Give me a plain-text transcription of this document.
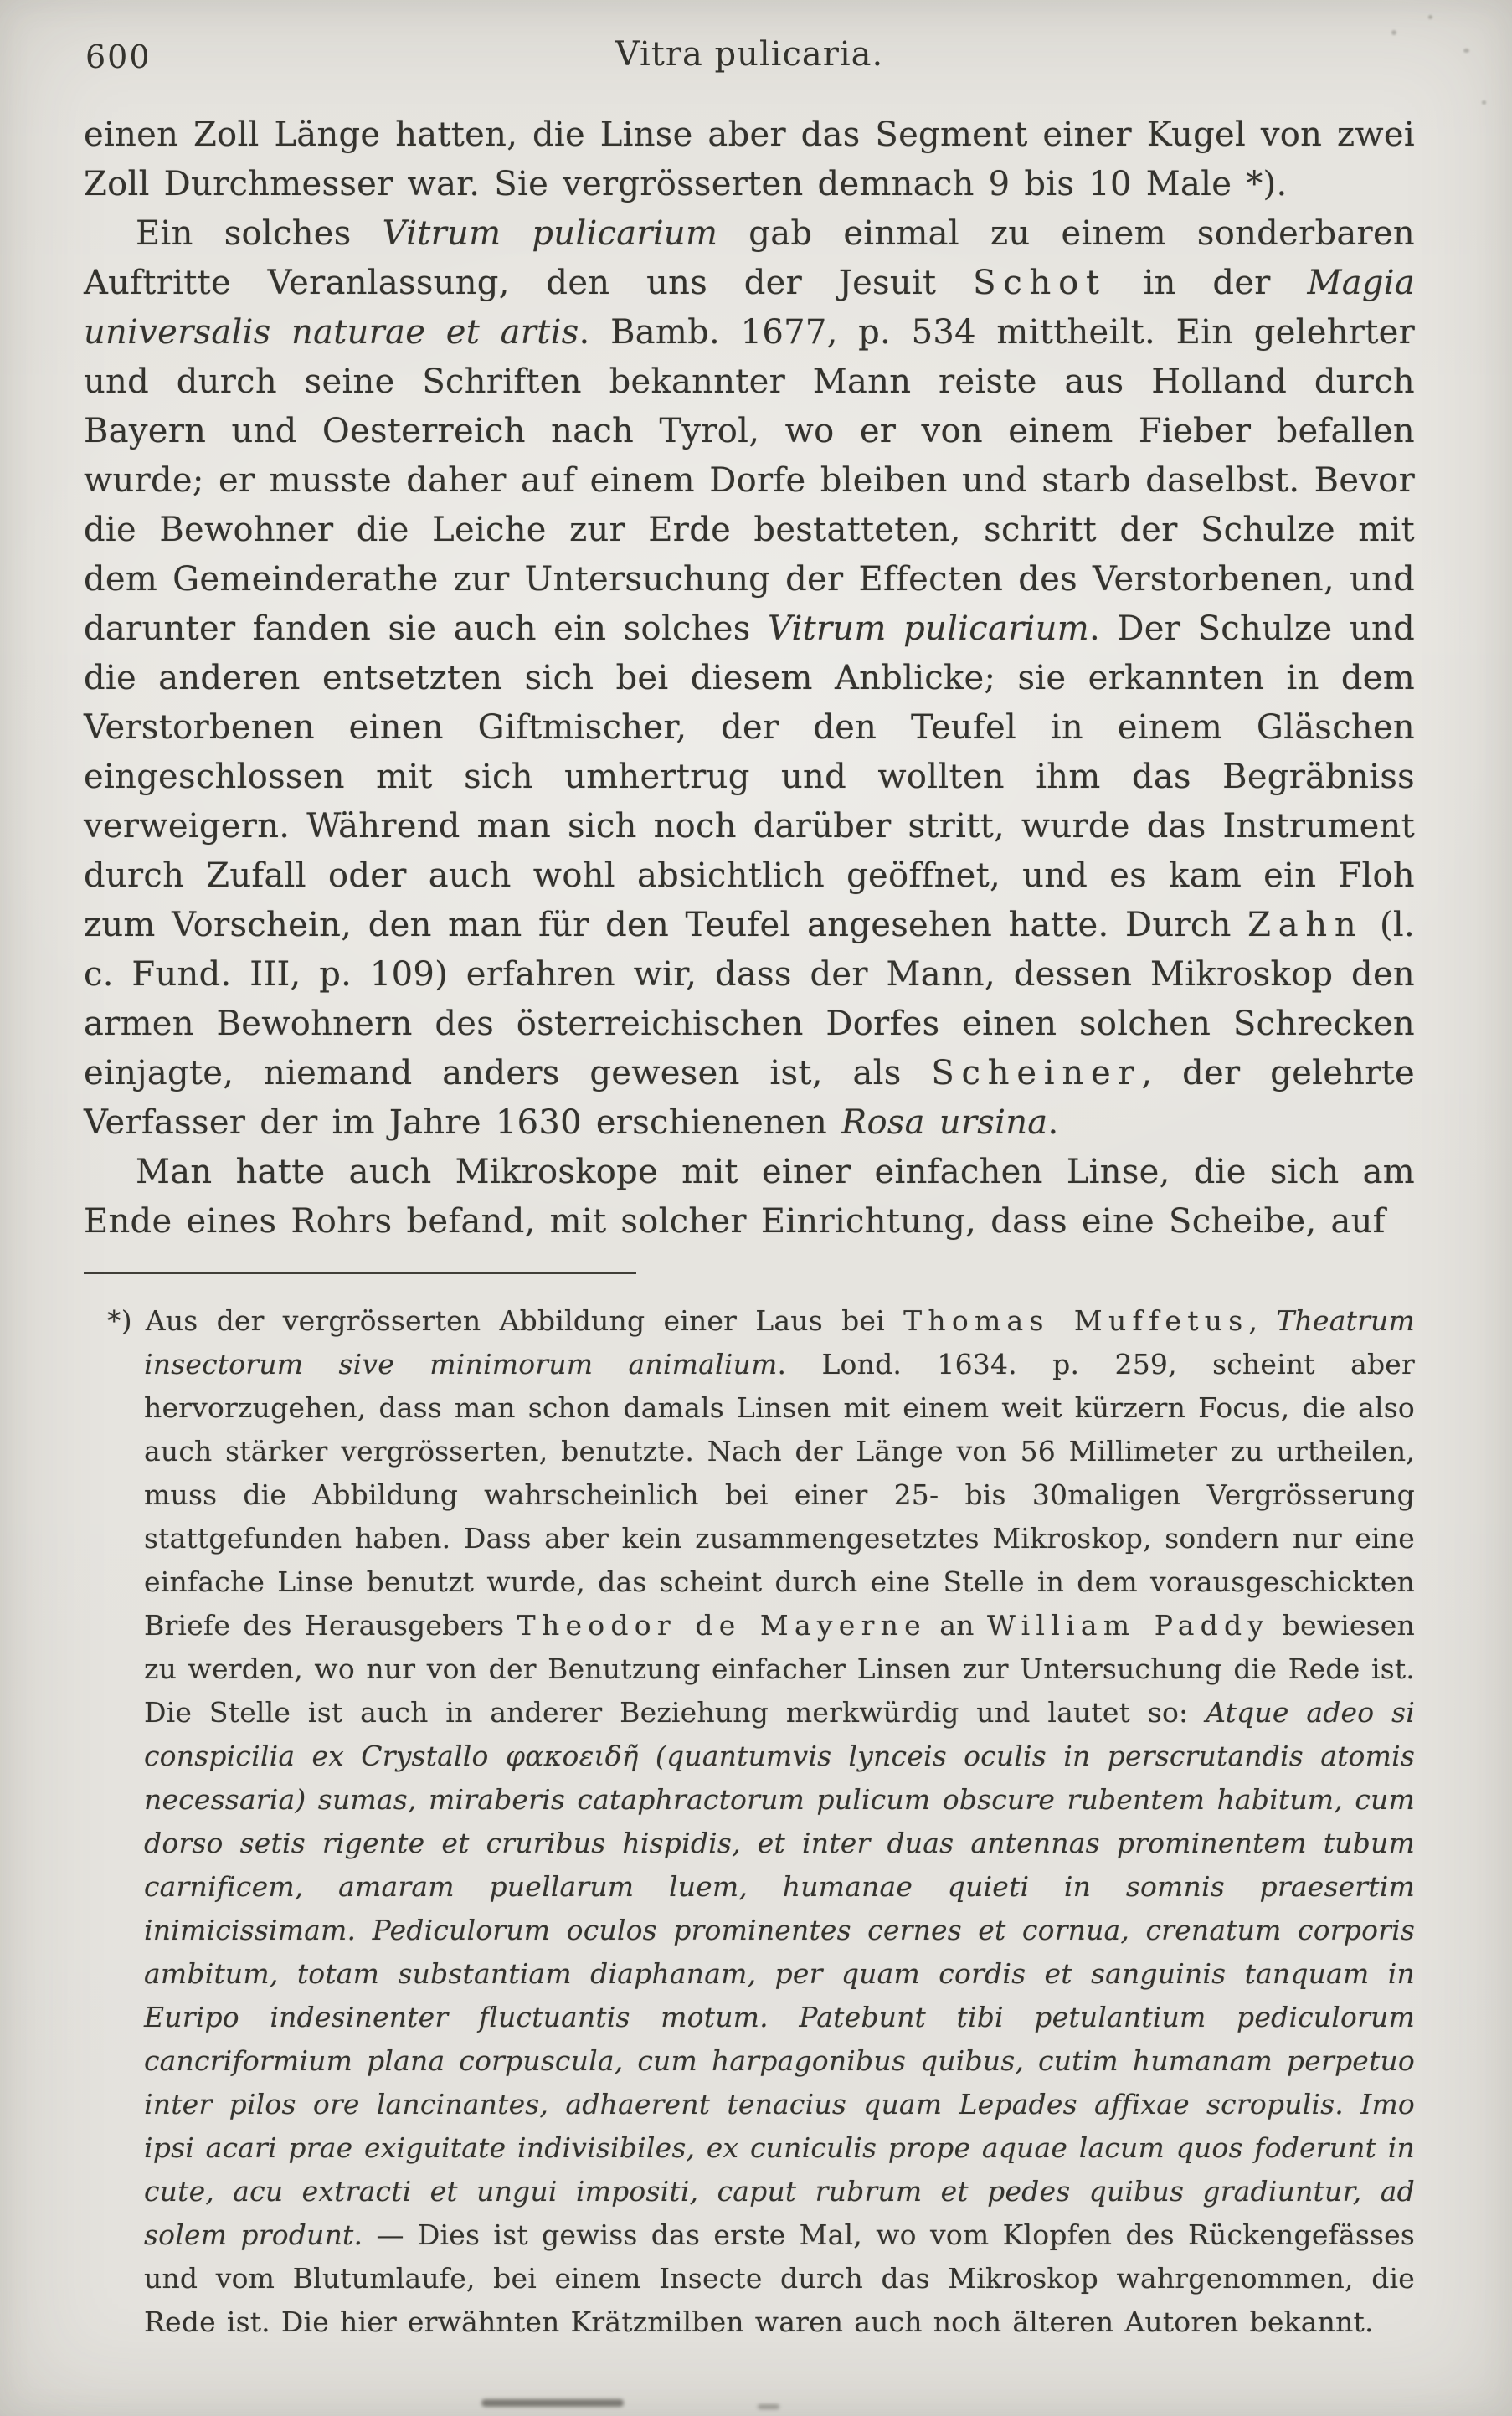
600	Vitra pulicaria.

einen Zoll Länge hatten, die Linse aber das Segment einer Kugel von zwei Zoll Durchmesser war. Sie vergrösserten demnach 9 bis 10 Male *).

Ein solches Vitrum pulicarium gab einmal zu einem sonderbaren Auftritte Veranlassung, den uns der Jesuit Schot in der Magia universalis naturae et artis. Bamb. 1677, p. 534 mittheilt. Ein gelehrter und durch seine Schriften bekannter Mann reiste aus Holland durch Bayern und Oesterreich nach Tyrol, wo er von einem Fieber befallen wurde; er musste daher auf einem Dorfe bleiben und starb daselbst. Bevor die Bewohner die Leiche zur Erde bestatteten, schritt der Schulze mit dem Gemeinderathe zur Untersuchung der Effecten des Verstorbenen, und darunter fanden sie auch ein solches Vitrum pulicarium. Der Schulze und die anderen entsetzten sich bei diesem Anblicke; sie erkannten in dem Verstorbenen einen Giftmischer, der den Teufel in einem Gläschen eingeschlossen mit sich umhertrug und wollten ihm das Begräbniss verweigern. Während man sich noch darüber stritt, wurde das Instrument durch Zufall oder auch wohl absichtlich geöffnet, und es kam ein Floh zum Vorschein, den man für den Teufel angesehen hatte. Durch Zahn (l. c. Fund. III, p. 109) erfahren wir, dass der Mann, dessen Mikroskop den armen Bewohnern des österreichischen Dorfes einen solchen Schrecken einjagte, niemand anders gewesen ist, als Scheiner, der gelehrte Verfasser der im Jahre 1630 erschienenen Rosa ursina.

Man hatte auch Mikroskope mit einer einfachen Linse, die sich am Ende eines Rohrs befand, mit solcher Einrichtung, dass eine Scheibe, auf

*) Aus der vergrösserten Abbildung einer Laus bei Thomas Muffetus, Theatrum insectorum sive minimorum animalium. Lond. 1634. p. 259, scheint aber hervorzugehen, dass man schon damals Linsen mit einem weit kürzern Focus, die also auch stärker vergrösserten, benutzte. Nach der Länge von 56 Millimeter zu urtheilen, muss die Abbildung wahrscheinlich bei einer 25- bis 30maligen Vergrösserung stattgefunden haben. Dass aber kein zusammengesetztes Mikroskop, sondern nur eine einfache Linse benutzt wurde, das scheint durch eine Stelle in dem vorausgeschickten Briefe des Herausgebers Theodor de Mayerne an William Paddy bewiesen zu werden, wo nur von der Benutzung einfacher Linsen zur Untersuchung die Rede ist. Die Stelle ist auch in anderer Beziehung merkwürdig und lautet so: Atque adeo si conspicilia ex Crystallo φακοειδῆ (quantumvis lynceis oculis in perscrutandis atomis necessaria) sumas, miraberis cataphractorum pulicum obscure rubentem habitum, cum dorso setis rigente et cruribus hispidis, et inter duas antennas prominentem tubum carnificem, amaram puellarum luem, humanae quieti in somnis praesertim inimicissimam. Pediculorum oculos prominentes cernes et cornua, crenatum corporis ambitum, totam substantiam diaphanam, per quam cordis et sanguinis tanquam in Euripo indesinenter fluctuantis motum. Patebunt tibi petulantium pediculorum cancriformium plana corpuscula, cum harpagonibus quibus, cutim humanam perpetuo inter pilos ore lancinantes, adhaerent tenacius quam Lepades affixae scropulis. Imo ipsi acari prae exiguitate indivisibiles, ex cuniculis prope aquae lacum quos foderunt in cute, acu extracti et ungui impositi, caput rubrum et pedes quibus gradiuntur, ad solem produnt. — Dies ist gewiss das erste Mal, wo vom Klopfen des Rückengefässes und vom Blutumlaufe, bei einem Insecte durch das Mikroskop wahrgenommen, die Rede ist. Die hier erwähnten Krätzmilben waren auch noch älteren Autoren bekannt.
